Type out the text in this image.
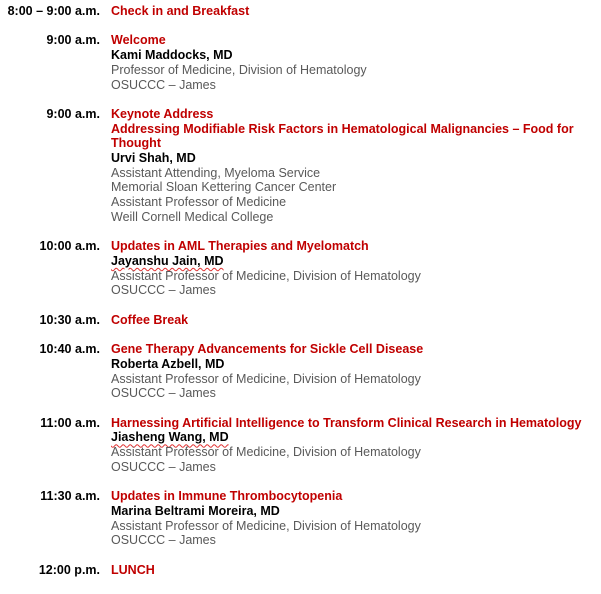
8:00 – 9:00 a.m. Check in and Breakfast
9:00 a.m. Welcome
Kami Maddocks, MD
Professor of Medicine, Division of Hematology
OSUCCC – James
9:00 a.m. Keynote Address
Addressing Modifiable Risk Factors in Hematological Malignancies – Food for Thought
Urvi Shah, MD
Assistant Attending, Myeloma Service
Memorial Sloan Kettering Cancer Center
Assistant Professor of Medicine
Weill Cornell Medical College
10:00 a.m. Updates in AML Therapies and Myelomatch
Jayanshu Jain, MD
Assistant Professor of Medicine, Division of Hematology
OSUCCC – James
10:30 a.m. Coffee Break
10:40 a.m. Gene Therapy Advancements for Sickle Cell Disease
Roberta Azbell, MD
Assistant Professor of Medicine, Division of Hematology
OSUCCC – James
11:00 a.m. Harnessing Artificial Intelligence to Transform Clinical Research in Hematology
Jiasheng Wang, MD
Assistant Professor of Medicine, Division of Hematology
OSUCCC – James
11:30 a.m. Updates in Immune Thrombocytopenia
Marina Beltrami Moreira, MD
Assistant Professor of Medicine, Division of Hematology
OSUCCC – James
12:00 p.m. LUNCH
